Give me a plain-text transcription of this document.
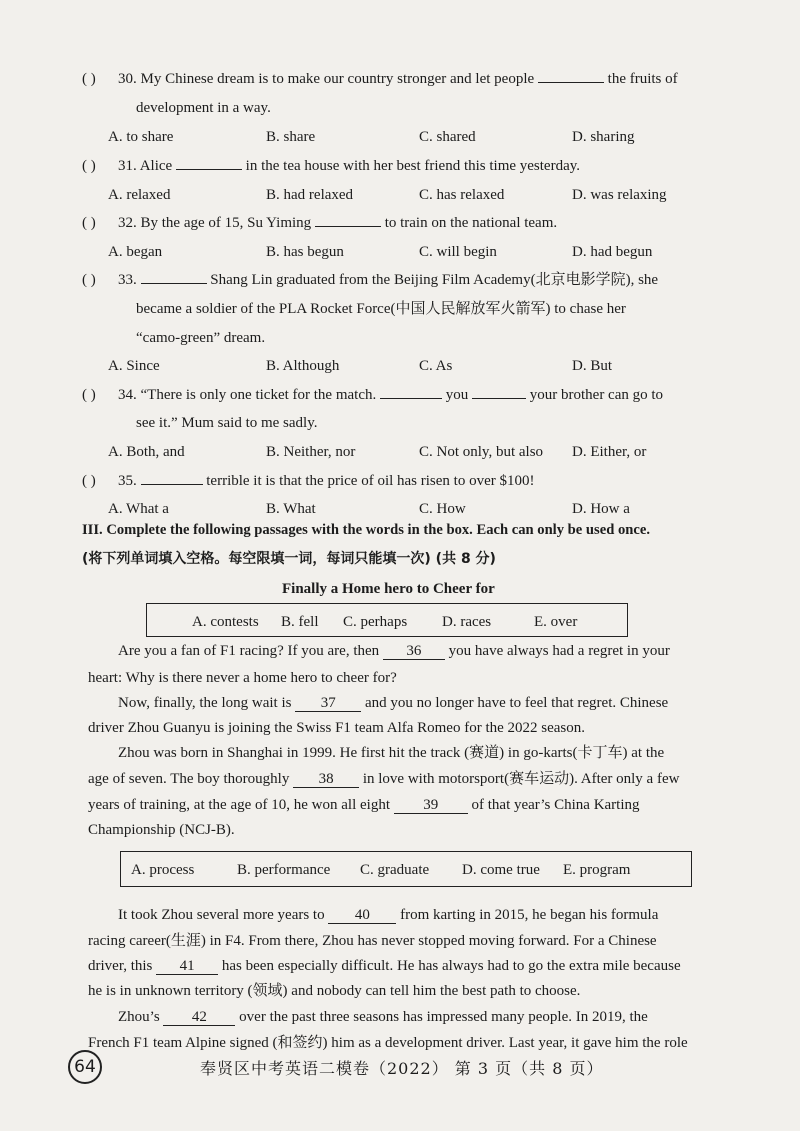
( ) 30. My Chinese dream is to make our country stronger and let people	the fruits of
development in a way.
A. to share	B. share	C. shared	D. sharing
( ) 31. Alice	in the tea house with her best friend this time yesterday.
A. relaxed	B. had relaxed	C. has relaxed	D. was relaxing
( ) 32. By the age of 15, Su Yiming	to train on the national team.
A. began	B. has begun	C. will begin	D. had begun
( ) 33.	Shang Lin graduated from the Beijing Film Academy(北京电影学院), she
became a soldier of the PLA Rocket Force(中国人民解放军火箭军) to chase her
“camo-green” dream.
A. Since	B. Although	C. As	D. But
( ) 34. “There is only one ticket for the match.	you	your brother can go to
see it.” Mum said to me sadly.
A. Both, and	B. Neither, nor	C. Not only, but also D. Either, or
( ) 35.	terrible it is that the price of oil has risen to over $100!
A. What a	B. What	C. How	D. How a
III. Complete the following passages with the words in the box. Each can only be used once.
(将下列单词填入空格。每空限填一词，每词只能填一次) (共 8 分)
Finally a Home hero to Cheer for
A. contests B. fell C. perhaps D. races	E. over
Are you a fan of F1 racing? If you are, then 36 you have always had a regret in your
heart: Why is there never a home hero to cheer for?
Now, finally, the long wait is 37 and you no longer have to feel that regret. Chinese
driver Zhou Guanyu is joining the Swiss F1 team Alfa Romeo for the 2022 season.
Zhou was born in Shanghai in 1999. He first hit the track (赛道) in go-karts(卡丁车) at the
age of seven. The boy thoroughly 38 in love with motorsport(赛车运动). After only a few
years of training, at the age of 10, he won all eight 39 of that year’s China Karting
Championship (NCJ-B).
A. process	B. performance C. graduate D. come true E. program
It took Zhou several more years to 40 from karting in 2015, he began his formula
racing career(生涯) in F4. From there, Zhou has never stopped moving forward. For a Chinese
driver, this 41 has been especially difficult. He has always had to go the extra mile because
he is in unknown territory (领域) and nobody can tell him the best path to choose.
Zhou’s 42 over the past three seasons has impressed many people. In 2019, the
French F1 team Alpine signed (和签约) him as a development driver. Last year, it gave him the role
64	奉贤区中考英语二模卷（2022） 第 3 页（共 8 页）
